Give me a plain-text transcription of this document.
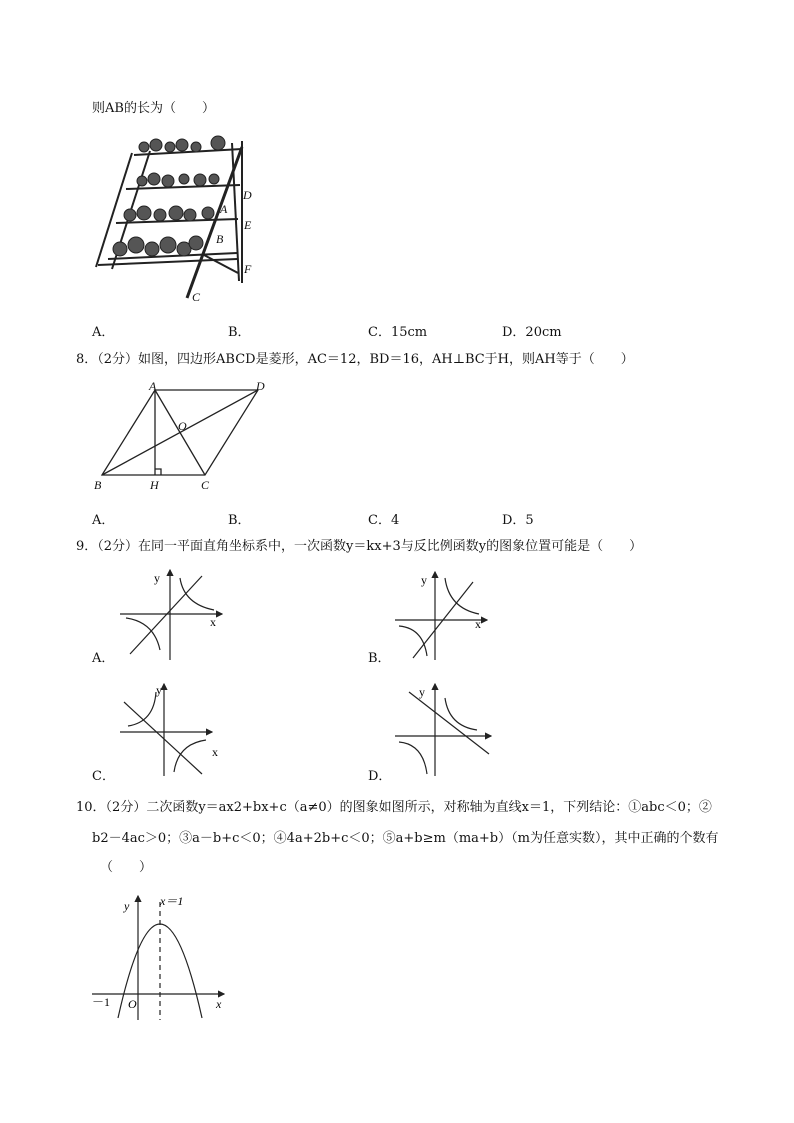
则AB的长为（　　）
D
A
E
B
F
C
A．	B．	C．15cm	D．20cm
8．（2分）如图，四边形ABCD是菱形，AC＝12，BD＝16，AH⊥BC于H，则AH等于（　　）
A	D
O
B	H	C
A．	B．	C．4	D．5
9．（2分）在同一平面直角坐标系中，一次函数y＝kx+3与反比例函数y的图象位置可能是（　　）
y
x
A．
y
x
B．
y
x
C．
y
D．
10．（2分）二次函数y＝ax2+bx+c（a≠0）的图象如图所示，对称轴为直线x＝1，下列结论：①abc＜0；②
b2－4ac＞0；③a－b+c＜0；④4a+2b+c＜0；⑤a+b≥m（ma+b）（m为任意实数），其中正确的个数有
（　　）
x＝1
y
x
O
－1
